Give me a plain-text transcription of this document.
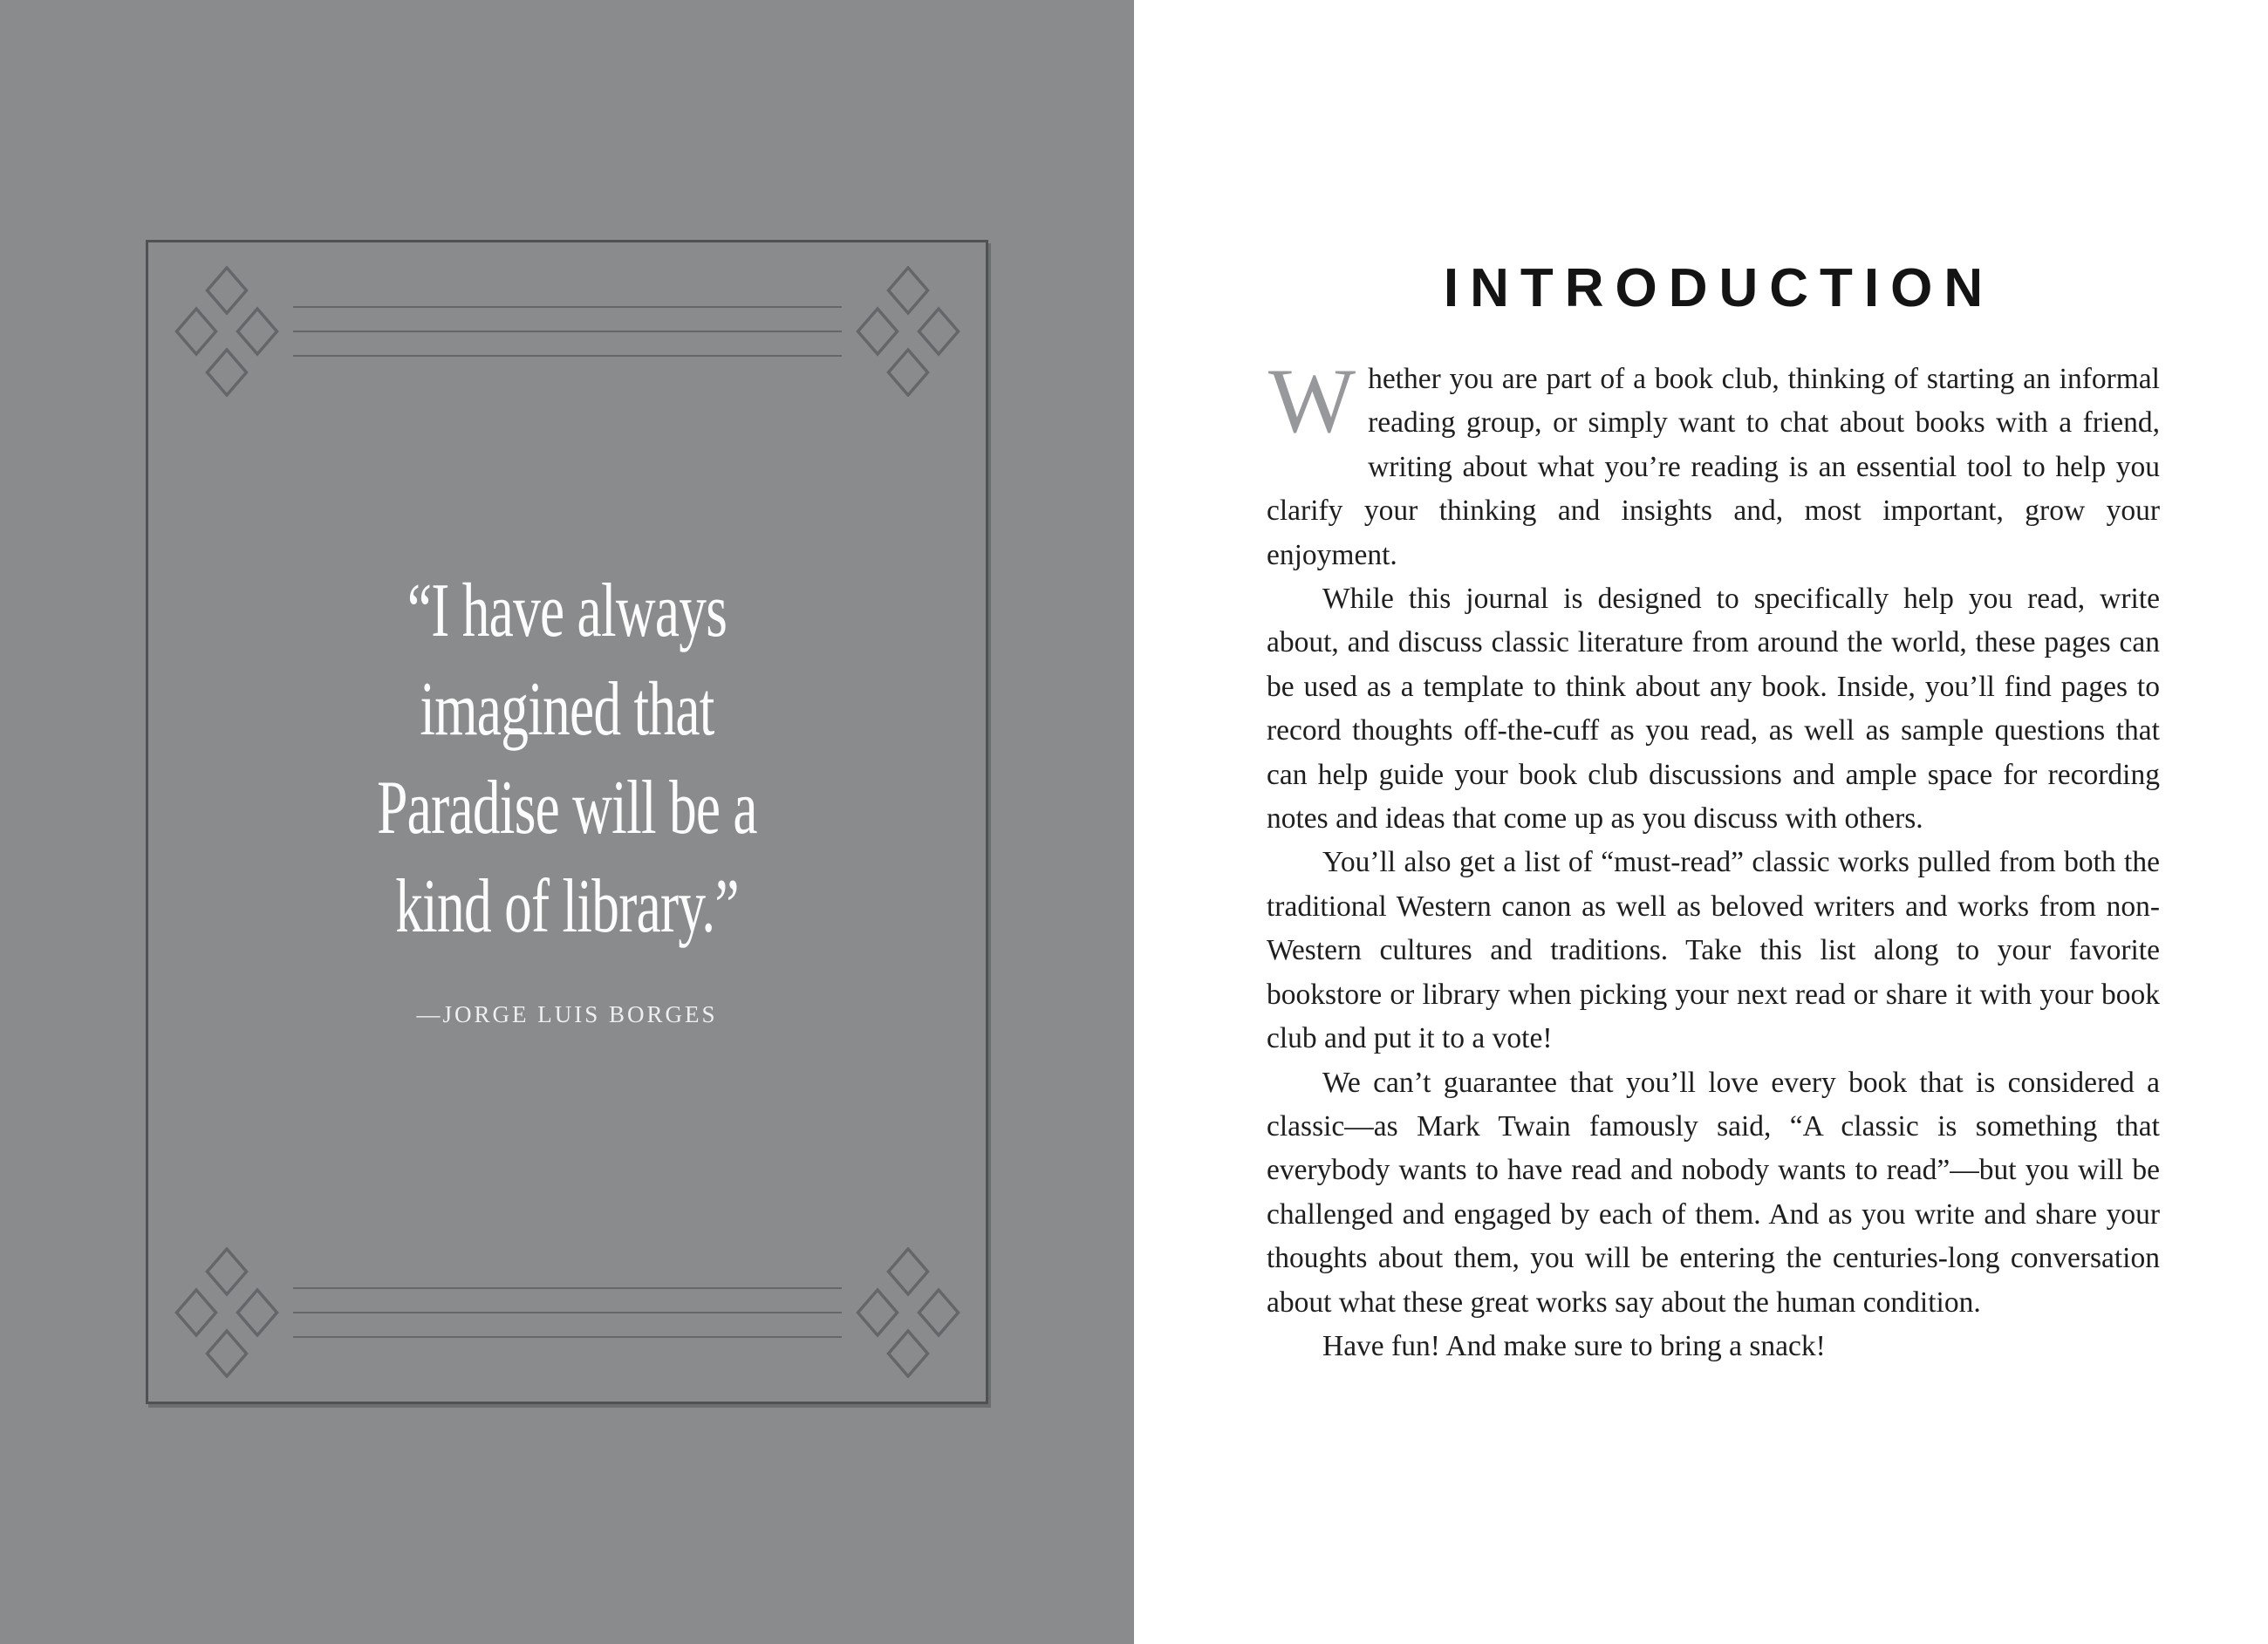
“I have always
imagined that
Paradise will be a
kind of library.”
—JORGE LUIS BORGES
INTRODUCTION

Whether you are part of a book club, thinking of starting an informal reading group, or simply want to chat about books with a friend, writing about what you’re reading is an essential tool to help you clarify your thinking and insights and, most important, grow your enjoyment.

While this journal is designed to specifically help you read, write about, and discuss classic literature from around the world, these pages can be used as a template to think about any book. Inside, you’ll find pages to record thoughts off-the-cuff as you read, as well as sample questions that can help guide your book club discussions and ample space for recording notes and ideas that come up as you discuss with others.

You’ll also get a list of “must-read” classic works pulled from both the traditional Western canon as well as beloved writers and works from non-Western cultures and traditions. Take this list along to your favorite bookstore or library when picking your next read or share it with your book club and put it to a vote!

We can’t guarantee that you’ll love every book that is considered a classic—as Mark Twain famously said, “A classic is something that everybody wants to have read and nobody wants to read”—but you will be challenged and engaged by each of them. And as you write and share your thoughts about them, you will be entering the centuries-long conversation about what these great works say about the human condition.

Have fun! And make sure to bring a snack!
